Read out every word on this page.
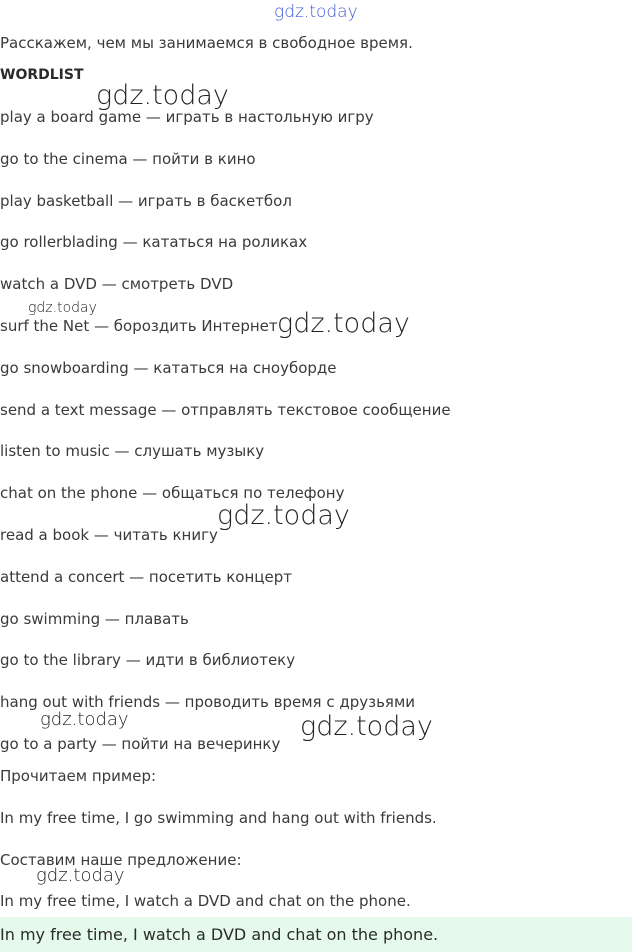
gdz.today
gdz.today
gdz.today	gdz.today
gdz.today
gdz.today	gdz.today
gdz.today
Расскажем, чем мы занимаемся в свободное время.
WORDLIST
play a board game — играть в настольную игру
go to the cinema — пойти в кино
play basketball — играть в баскетбол
go rollerblading — кататься на роликах
watch a DVD — смотреть DVD
surf the Net — бороздить Интернет
go snowboarding — кататься на сноуборде
send a text message — отправлять текстовое сообщение
listen to music — слушать музыку
chat on the phone — общаться по телефону
read a book — читать книгу
attend a concert — посетить концерт
go swimming — плавать
go to the library — идти в библиотеку
hang out with friends — проводить время с друзьями
go to a party — пойти на вечеринку
Прочитаем пример:
In my free time, I go swimming and hang out with friends.
Составим наше предложение:
In my free time, I watch a DVD and chat on the phone.
In my free time, I watch a DVD and chat on the phone.
